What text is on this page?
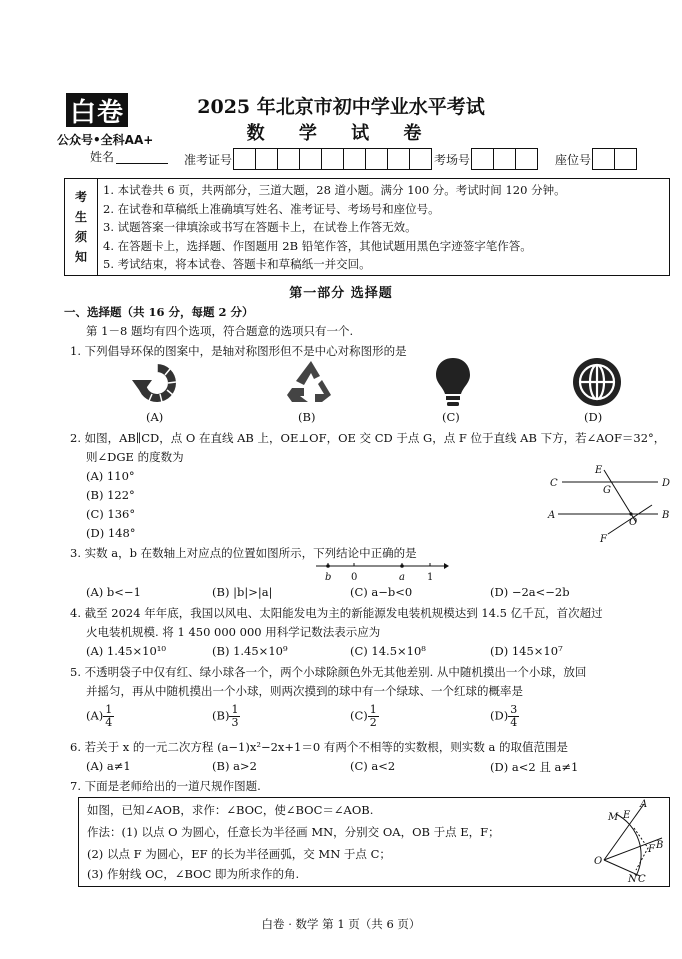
白卷
公众号•全科AA+
2025 年北京市初中学业水平考试
数 学 试 卷
姓名	准考证号	考场号	座位号
考
生
须
知
1. 本试卷共 6 页，共两部分，三道大题，28 道小题。满分 100 分。考试时间 120 分钟。
2. 在试卷和草稿纸上准确填写姓名、准考证号、考场号和座位号。
3. 试题答案一律填涂或书写在答题卡上，在试卷上作答无效。
4. 在答题卡上，选择题、作图题用 2B 铅笔作答，其他试题用黑色字迹签字笔作答。
5. 考试结束，将本试卷、答题卡和草稿纸一并交回。
第一部分 选择题
一、选择题（共 16 分，每题 2 分）
第 1－8 题均有四个选项，符合题意的选项只有一个.
1. 下列倡导环保的图案中，是轴对称图形但不是中心对称图形的是
(A)	(B)	(C)	(D)
2. 如图，AB∥CD，点 O 在直线 AB 上，OE⊥OF，OE 交 CD 于点 G，点 F 位于直线 AB 下方，若∠AOF＝32°，
则∠DGE 的度数为
(A) 110°
(B) 122°
(C) 136°
(D) 148°
E
C
G
D
A
O
B
F
3. 实数 a，b 在数轴上对应点的位置如图所示，下列结论中正确的是
b 0	a 1
(A) b<−1	(B) |b|>|a|	(C) a−b<0	(D) −2a<−2b
4. 截至 2024 年年底，我国以风电、太阳能发电为主的新能源发电装机规模达到 14.5 亿千瓦，首次超过
火电装机规模. 将 1 450 000 000 用科学记数法表示应为
(A) 1.45×10¹⁰	(B) 1.45×10⁹	(C) 14.5×10⁸	(D) 145×10⁷
5. 不透明袋子中仅有红、绿小球各一个，两个小球除颜色外无其他差别. 从中随机摸出一个小球，放回
并摇匀，再从中随机摸出一个小球，则两次摸到的球中有一个绿球、一个红球的概率是
$(A) \frac{1}{4}$	$(B) \frac{1}{3}$	$(C) \frac{1}{2}$	$(D) \frac{3}{4}$
6. 若关于 x 的一元二次方程 (a−1)x²−2x+1＝0 有两个不相等的实数根，则实数 a 的取值范围是
(A) a≠1	(B) a>2	(C) a<2	(D) a<2 且 a≠1
7. 下面是老师给出的一道尺规作图题.
如图，已知∠AOB，求作：∠BOC，使∠BOC＝∠AOB.
作法：(1) 以点 O 为圆心，任意长为半径画 MN，分别交 OA，OB 于点 E，F；
(2) 以点 F 为圆心，EF 的长为半径画弧，交 MN 于点 C；
(3) 作射线 OC，∠BOC 即为所求作的角.
A
M E
B
F
O
N C
白卷 · 数学 第 1 页（共 6 页）
